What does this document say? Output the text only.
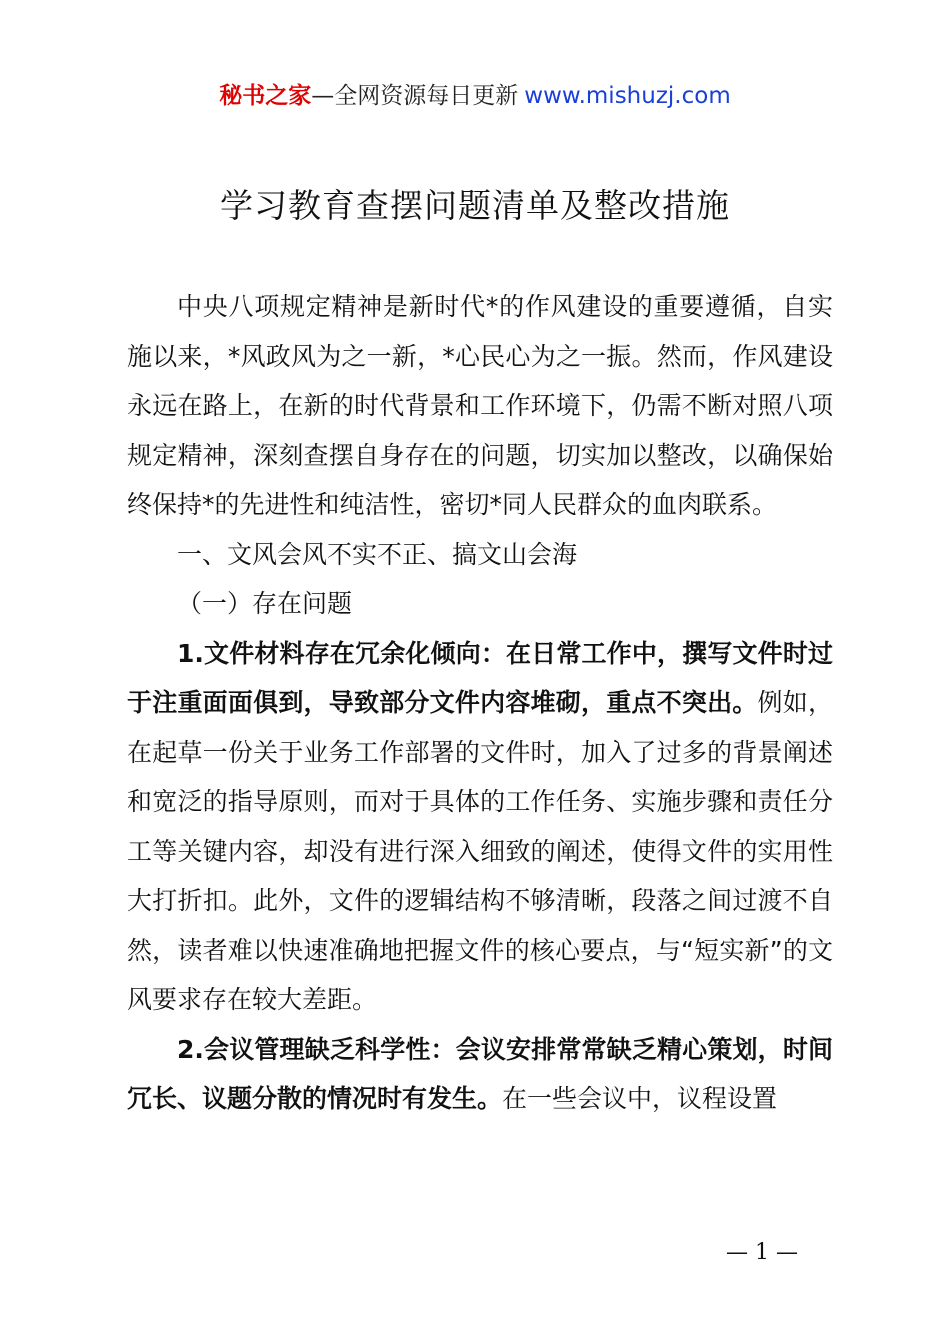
秘书之家—全网资源每日更新 www.mishuzj.com
学习教育查摆问题清单及整改措施

中央八项规定精神是新时代*的作风建设的重要遵循，自实施以来，*风政风为之一新，*心民心为之一振。然而，作风建设永远在路上，在新的时代背景和工作环境下，仍需不断对照八项规定精神，深刻查摆自身存在的问题，切实加以整改，以确保始终保持*的先进性和纯洁性，密切*同人民群众的血肉联系。

一、文风会风不实不正、搞文山会海

（一）存在问题

1.文件材料存在冗余化倾向：在日常工作中，撰写文件时过于注重面面俱到，导致部分文件内容堆砌，重点不突出。例如，在起草一份关于业务工作部署的文件时，加入了过多的背景阐述和宽泛的指导原则，而对于具体的工作任务、实施步骤和责任分工等关键内容，却没有进行深入细致的阐述，使得文件的实用性大打折扣。此外，文件的逻辑结构不够清晰，段落之间过渡不自然，读者难以快速准确地把握文件的核心要点，与“短实新”的文风要求存在较大差距。

2.会议管理缺乏科学性：会议安排常常缺乏精心策划，时间冗长、议题分散的情况时有发生。在一些会议中，议程设置

— 1 —
